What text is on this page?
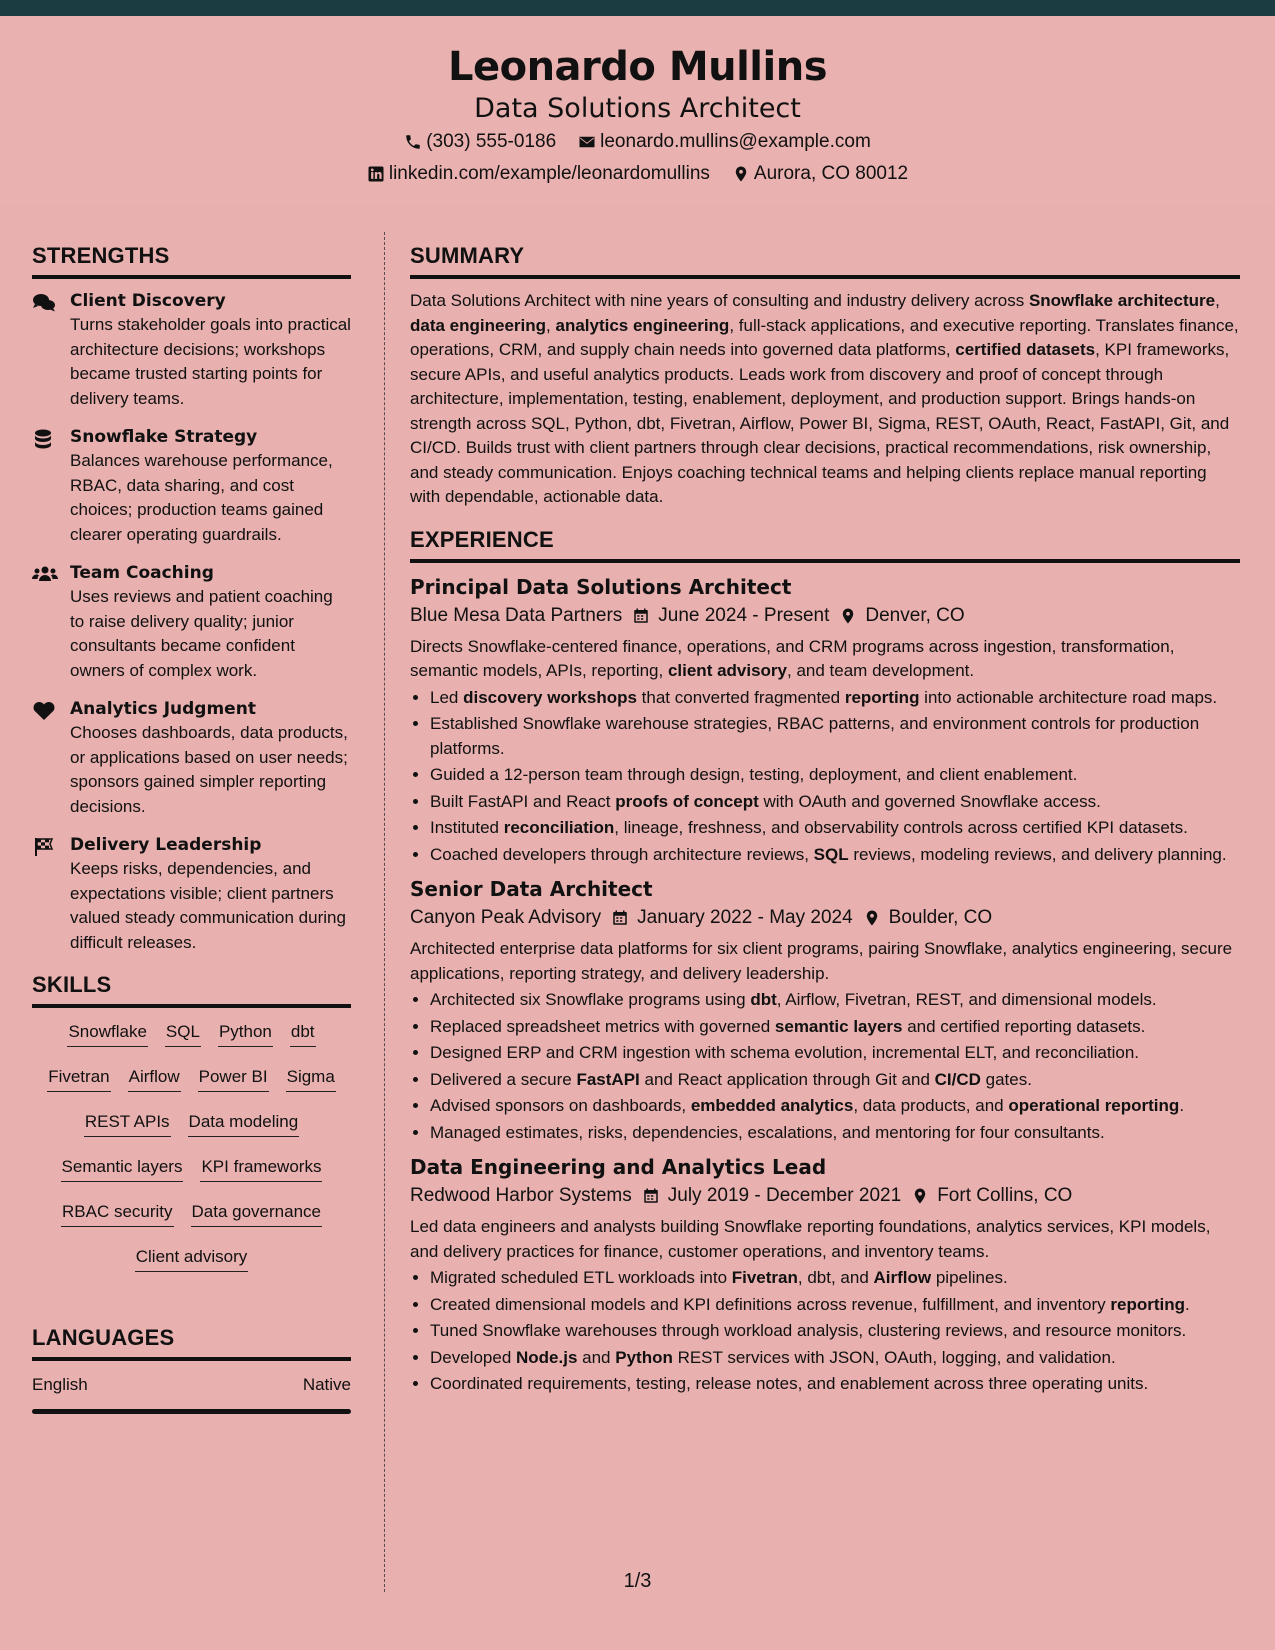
Leonardo Mullins
Data Solutions Architect
(303) 555-0186 leonardo.mullins@example.com
linkedin.com/example/leonardomullins Aurora, CO 80012
STRENGTHS
Client Discovery
Turns stakeholder goals into practical architecture decisions; workshops became trusted starting points for delivery teams.
Snowflake Strategy
Balances warehouse performance, RBAC, data sharing, and cost choices; production teams gained clearer operating guardrails.
Team Coaching
Uses reviews and patient coaching to raise delivery quality; junior consultants became confident owners of complex work.
Analytics Judgment
Chooses dashboards, data products, or applications based on user needs; sponsors gained simpler reporting decisions.
Delivery Leadership
Keeps risks, dependencies, and expectations visible; client partners valued steady communication during difficult releases.
SKILLS
Snowflake SQL Python dbt
Fivetran Airflow Power BI Sigma
REST APIs Data modeling
Semantic layers KPI frameworks
RBAC security Data governance
Client advisory
LANGUAGES
English	Native
SUMMARY

Data Solutions Architect with nine years of consulting and industry delivery across Snowflake architecture, data engineering, analytics engineering, full-stack applications, and executive reporting. Translates finance, operations, CRM, and supply chain needs into governed data platforms, certified datasets, KPI frameworks, secure APIs, and useful analytics products. Leads work from discovery and proof of concept through architecture, implementation, testing, enablement, deployment, and production support. Brings hands-on strength across SQL, Python, dbt, Fivetran, Airflow, Power BI, Sigma, REST, OAuth, React, FastAPI, Git, and CI/CD. Builds trust with client partners through clear decisions, practical recommendations, risk ownership, and steady communication. Enjoys coaching technical teams and helping clients replace manual reporting with dependable, actionable data.

EXPERIENCE
Principal Data Solutions Architect
Blue Mesa Data Partners June 2024 - Present Denver, CO

Directs Snowflake-centered finance, operations, and CRM programs across ingestion, transformation, semantic models, APIs, reporting, client advisory, and team development.

• Led discovery workshops that converted fragmented reporting into actionable architecture road maps.
• Established Snowflake warehouse strategies, RBAC patterns, and environment controls for production platforms.
• Guided a 12-person team through design, testing, deployment, and client enablement.
• Built FastAPI and React proofs of concept with OAuth and governed Snowflake access.
• Instituted reconciliation, lineage, freshness, and observability controls across certified KPI datasets.
• Coached developers through architecture reviews, SQL reviews, modeling reviews, and delivery planning.
Senior Data Architect
Canyon Peak Advisory January 2022 - May 2024 Boulder, CO

Architected enterprise data platforms for six client programs, pairing Snowflake, analytics engineering, secure applications, reporting strategy, and delivery leadership.

• Architected six Snowflake programs using dbt, Airflow, Fivetran, REST, and dimensional models.
• Replaced spreadsheet metrics with governed semantic layers and certified reporting datasets.
• Designed ERP and CRM ingestion with schema evolution, incremental ELT, and reconciliation.
• Delivered a secure FastAPI and React application through Git and CI/CD gates.
• Advised sponsors on dashboards, embedded analytics, data products, and operational reporting.
• Managed estimates, risks, dependencies, escalations, and mentoring for four consultants.
Data Engineering and Analytics Lead
Redwood Harbor Systems July 2019 - December 2021 Fort Collins, CO

Led data engineers and analysts building Snowflake reporting foundations, analytics services, KPI models, and delivery practices for finance, customer operations, and inventory teams.

• Migrated scheduled ETL workloads into Fivetran, dbt, and Airflow pipelines.
• Created dimensional models and KPI definitions across revenue, fulfillment, and inventory reporting.
• Tuned Snowflake warehouses through workload analysis, clustering reviews, and resource monitors.
• Developed Node.js and Python REST services with JSON, OAuth, logging, and validation.
• Coordinated requirements, testing, release notes, and enablement across three operating units.
1/3
